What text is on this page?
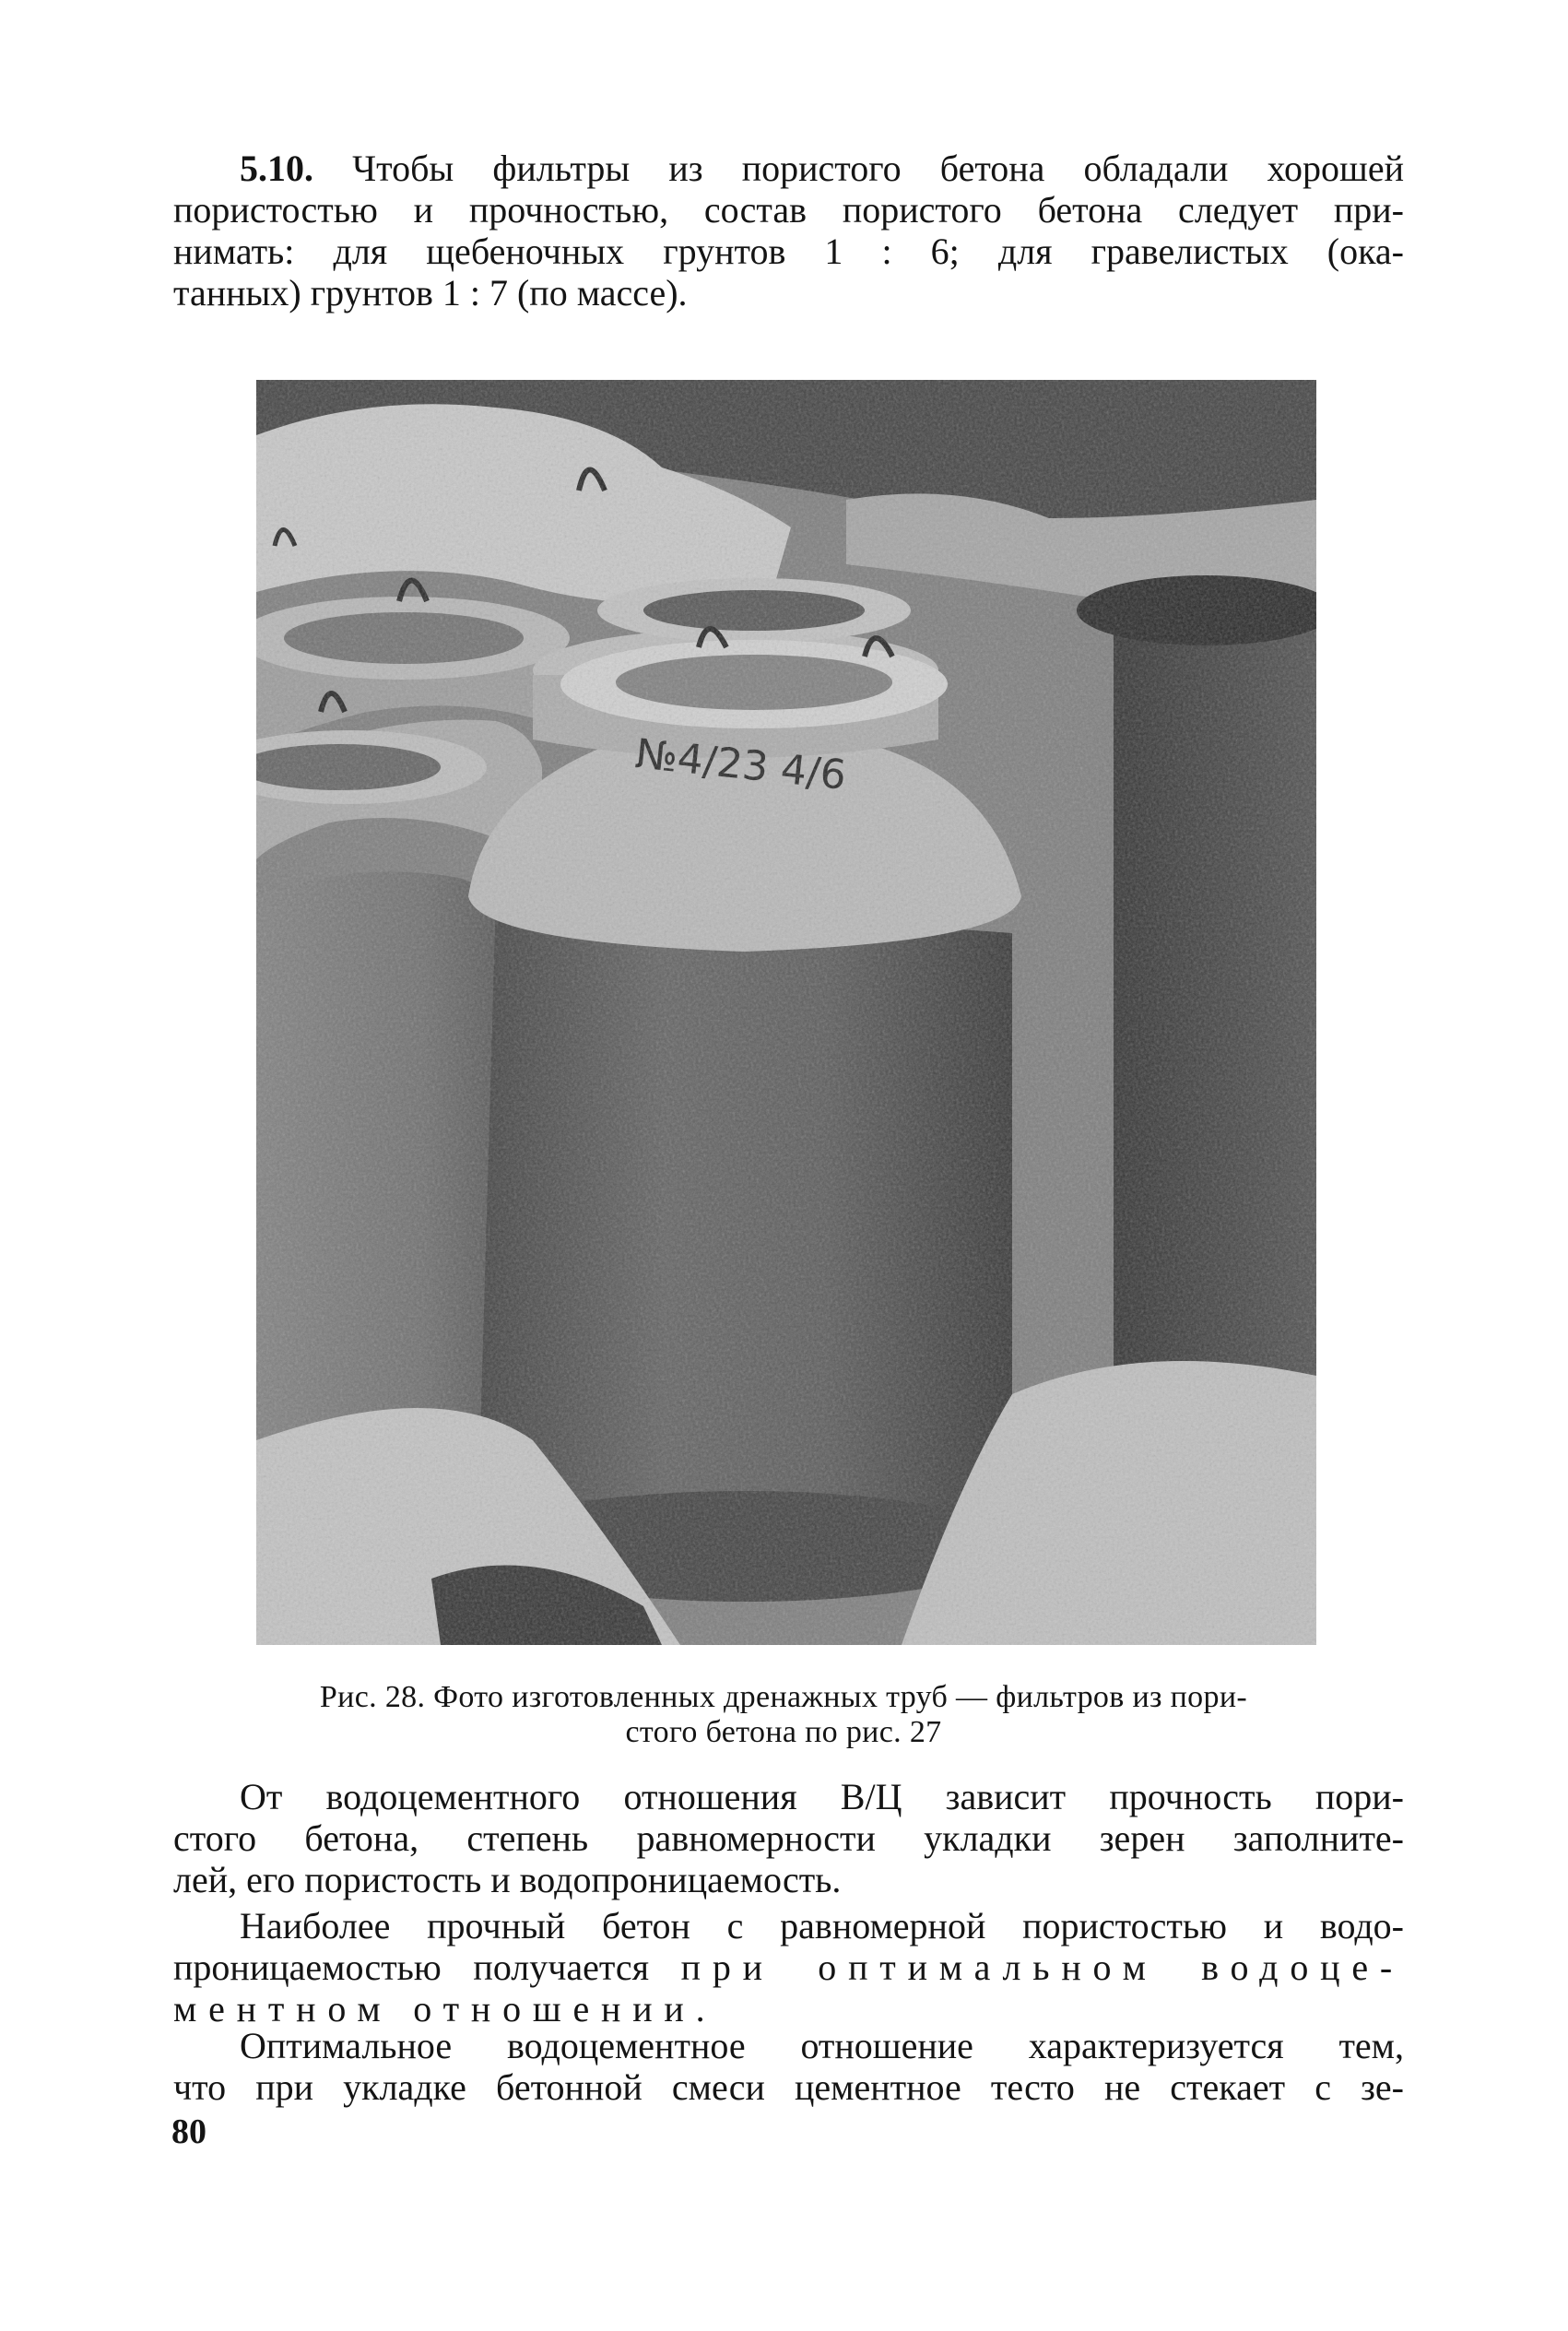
5.10. Чтобы фильтры из пористого бетона обладали хорошей
пористостью и прочностью, состав пористого бетона следует при-
нимать: для щебеночных грунтов 1 : 6; для гравелистых (ока-
танных) грунтов 1 : 7 (по массе).
№4/23 4/6
Рис. 28. Фото изготовленных дренажных труб — фильтров из пори-
стого бетона по рис. 27
От водоцементного отношения В/Ц зависит прочность пори-
стого бетона, степень равномерности укладки зерен заполните-
лей, его пористость и водопроницаемость.
Наиболее прочный бетон с равномерной пористостью и водо-
проницаемостью получается при оптимальном водоце-
ментном отношении.
Оптимальное водоцементное отношение характеризуется тем,
что при укладке бетонной смеси цементное тесто не стекает с зе-
80
